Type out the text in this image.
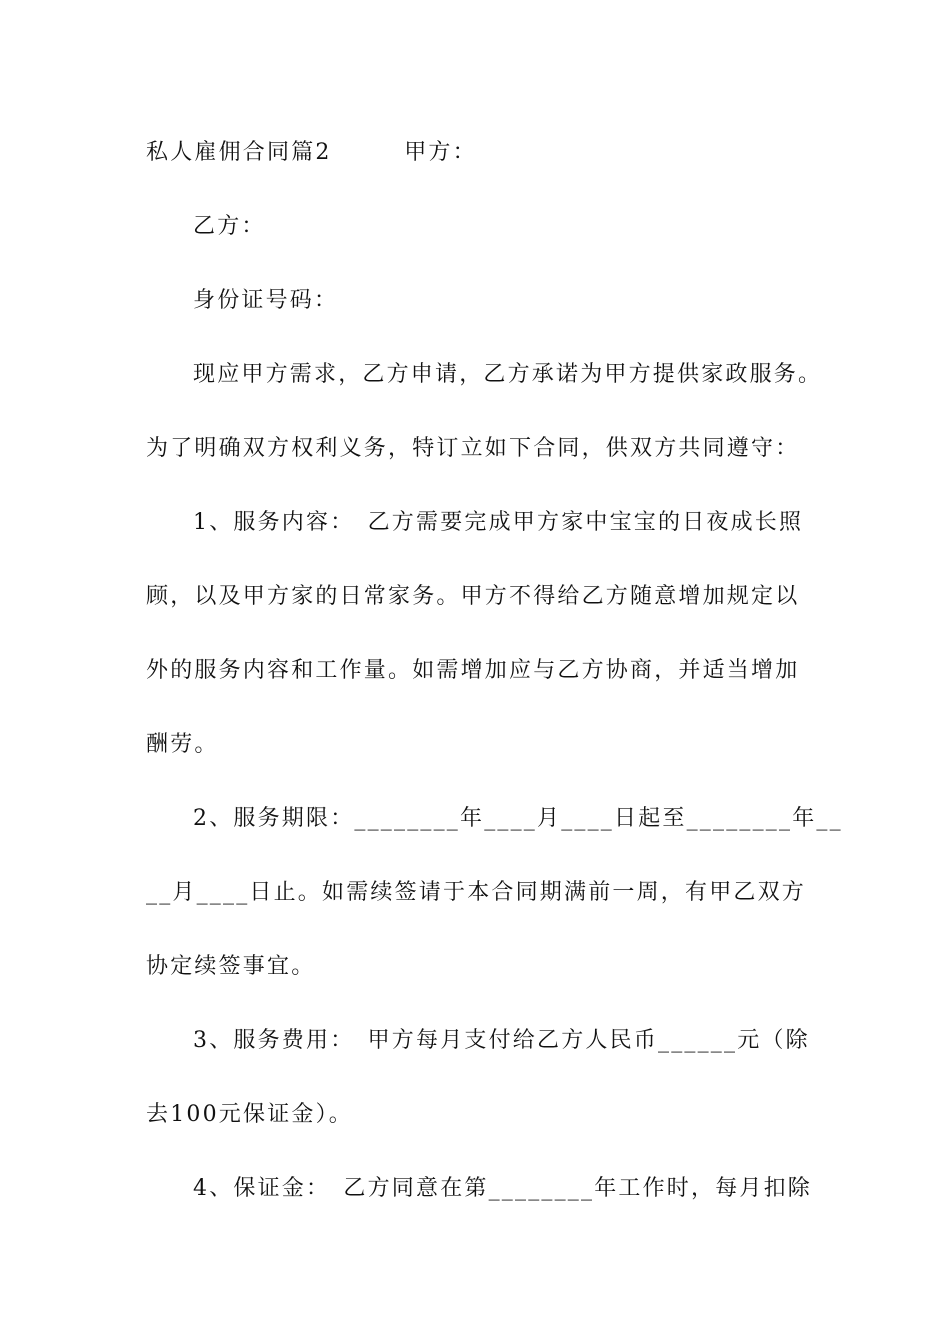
私人雇佣合同篇2　　　甲方：
乙方：
身份证号码：
现应甲方需求，乙方申请，乙方承诺为甲方提供家政服务。
为了明确双方权利义务，特订立如下合同，供双方共同遵守：
1、服务内容：　乙方需要完成甲方家中宝宝的日夜成长照
顾，以及甲方家的日常家务。甲方不得给乙方随意增加规定以
外的服务内容和工作量。如需增加应与乙方协商，并适当增加
酬劳。
2、服务期限：________年____月____日起至________年__
__月____日止。如需续签请于本合同期满前一周，有甲乙双方
协定续签事宜。
3、服务费用：　甲方每月支付给乙方人民币______元（除
去100元保证金）。
4、保证金：　乙方同意在第________年工作时，每月扣除
